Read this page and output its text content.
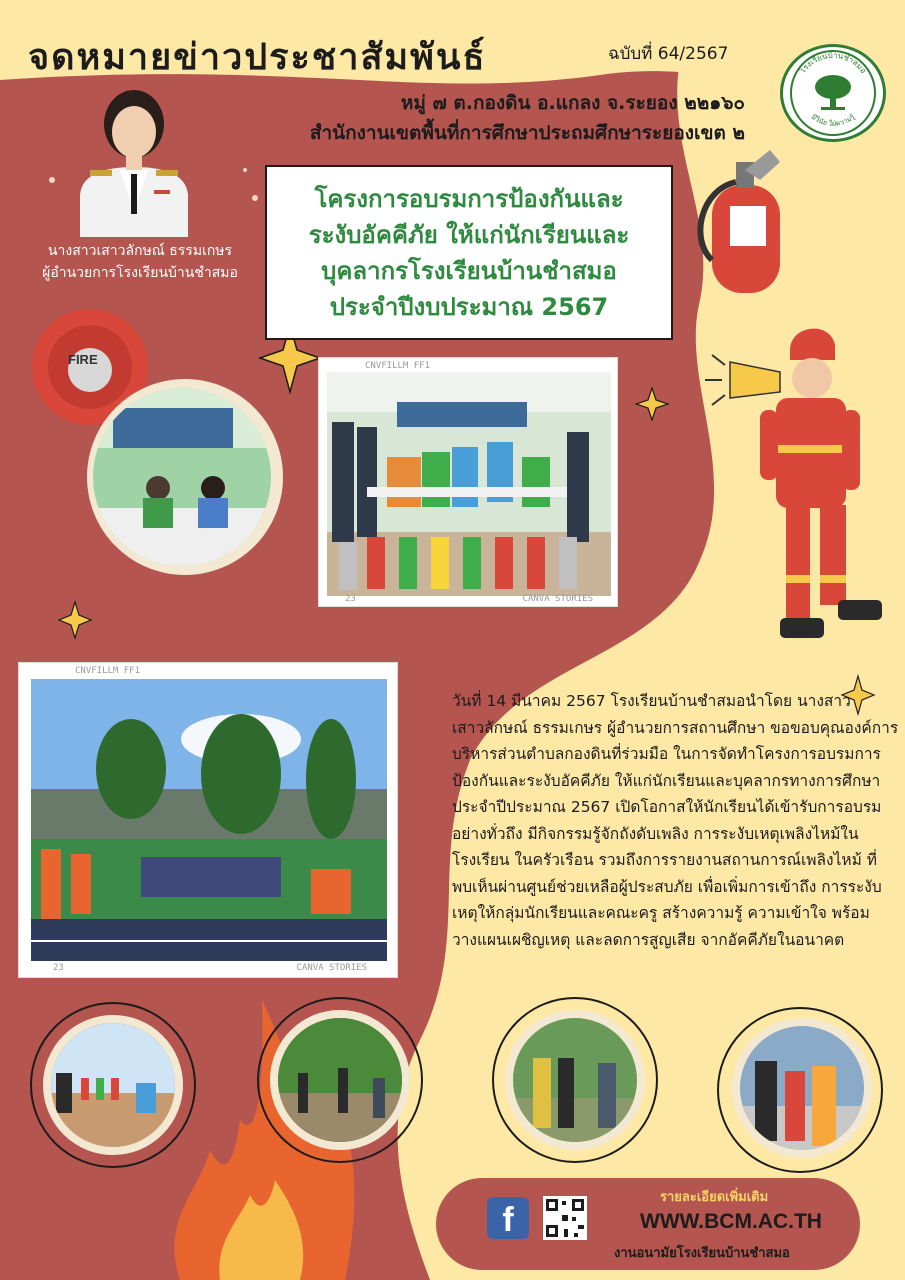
จดหมายข่าวประชาสัมพันธ์	ฉบับที่ 64/2567
หมู่ ๗ ต.กองดิน อ.แกลง จ.ระยอง ๒๒๑๖๐
สำนักงานเขตพื้นที่การศึกษาประถมศึกษาระยองเขต ๒
โรงเรียนบ้านชำสมอ
มีวินัย ใฝ่ความรู้
นางสาวเสาวลักษณ์ ธรรมเกษร
ผู้อำนวยการโรงเรียนบ้านชำสมอ
โครงการอบรมการป้องกันและ
ระงับอัคคีภัย ให้แก่นักเรียนและ
บุคลากรโรงเรียนบ้านชำสมอ
ประจำปีงบประมาณ 2567
FIRE	CNVFILLM FF1
23	CANVA STORIES
CNVFILLM FF1
23	CANVA STORIES
วันที่ 14 มีนาคม 2567 โรงเรียนบ้านชำสมอนำโดย นางสาวเสาวลักษณ์ ธรรมเกษร ผู้อำนวยการสถานศึกษา ขอขอบคุณองค์การบริหารส่วนตำบลกองดินที่ร่วมมือ ในการจัดทำโครงการอบรมการป้องกันและระงับอัคคีภัย ให้แก่นักเรียนและบุคลากรทางการศึกษา ประจำปีประมาณ 2567 เปิดโอกาสให้นักเรียนได้เข้ารับการอบรมอย่างทั่วถึง มีกิจกรรมรู้จักถังดับเพลิง การระงับเหตุเพลิงไหม้ในโรงเรียน ในครัวเรือน รวมถึงการรายงานสถานการณ์เพลิงไหม้ ที่พบเห็นผ่านศูนย์ช่วยเหลือผู้ประสบภัย เพื่อเพิ่มการเข้าถึง การระงับเหตุให้กลุ่มนักเรียนและคณะครู สร้างความรู้ ความเข้าใจ พร้อมวางแผนเผชิญเหตุ และลดการสูญเสีย จากอัคคีภัยในอนาคต
f
รายละเอียดเพิ่มเติม
WWW.BCM.AC.TH
งานอนามัยโรงเรียนบ้านชำสมอ
